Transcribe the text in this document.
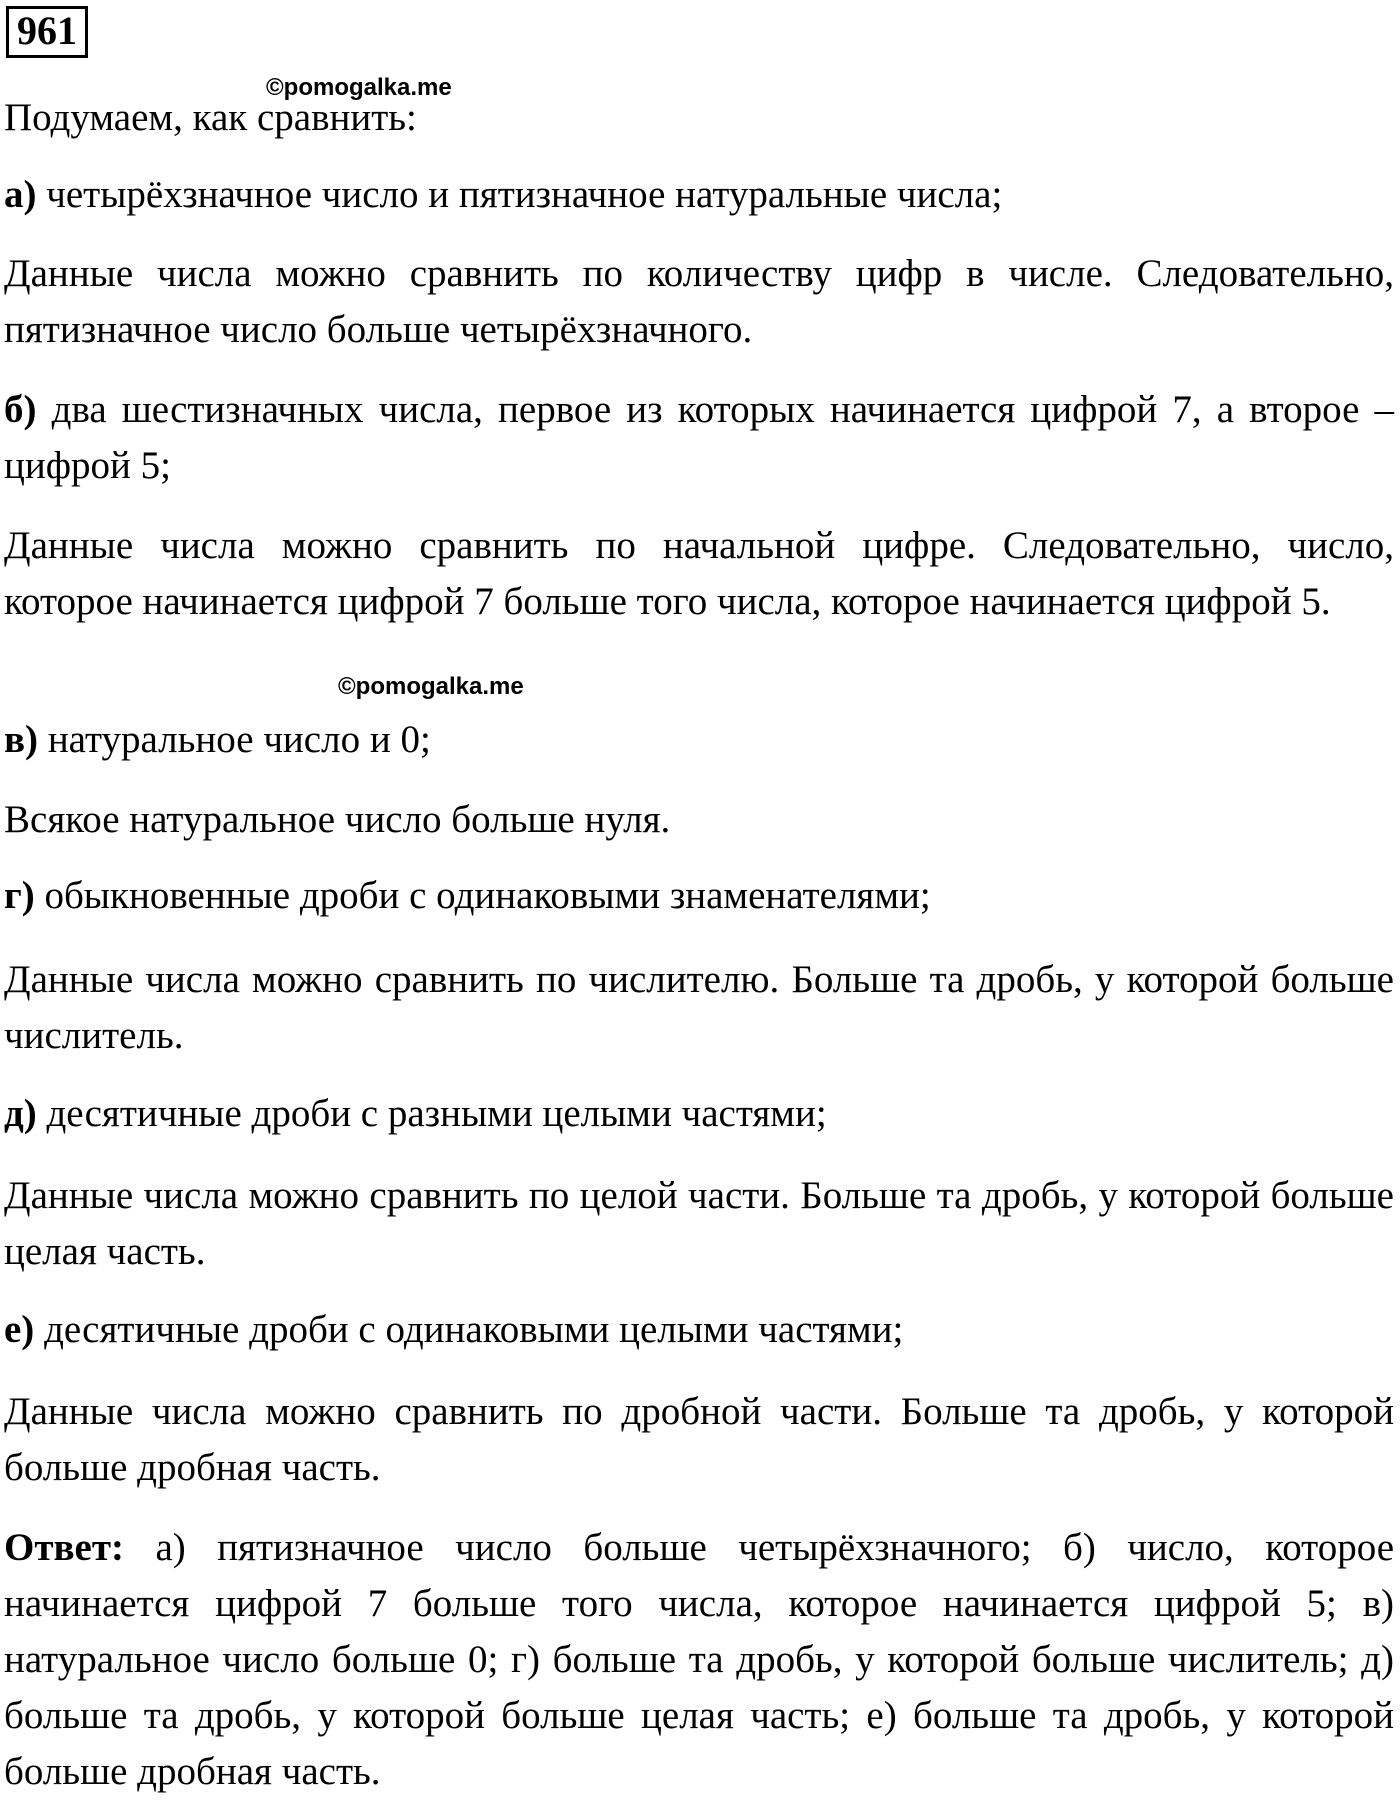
961
©pomogalka.me

Подумаем, как сравнить:

а) четырёхзначное число и пятизначное натуральные числа;

Данные числа можно сравнить по количеству цифр в числе. Следовательно, пятизначное число больше четырёхзначного.

б) два шестизначных числа, первое из которых начинается цифрой 7, а второе – цифрой 5;

Данные числа можно сравнить по начальной цифре. Следовательно, число, которое начинается цифрой 7 больше того числа, которое начинается цифрой 5.

©pomogalka.me

в) натуральное число и 0;

Всякое натуральное число больше нуля.

г) обыкновенные дроби с одинаковыми знаменателями;

Данные числа можно сравнить по числителю. Больше та дробь, у которой больше числитель.

д) десятичные дроби с разными целыми частями;

Данные числа можно сравнить по целой части. Больше та дробь, у которой больше целая часть.

е) десятичные дроби с одинаковыми целыми частями;

Данные числа можно сравнить по дробной части. Больше та дробь, у которой больше дробная часть.

Ответ: а) пятизначное число больше четырёхзначного; б) число, которое начинается цифрой 7 больше того числа, которое начинается цифрой 5; в) натуральное число больше 0; г) больше та дробь, у которой больше числитель; д) больше та дробь, у которой больше целая часть; е) больше та дробь, у которой больше дробная часть.
